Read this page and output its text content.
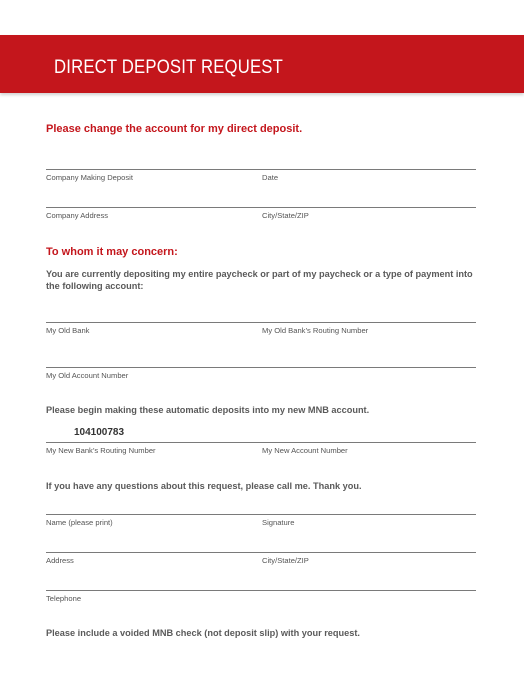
DIRECT DEPOSIT REQUEST
Please change the account for my direct deposit.
Company Making Deposit	Date
Company Address	City/State/ZIP
To whom it may concern:
You are currently depositing my entire paycheck or part of my paycheck or a type of payment into the following account:
My Old Bank	My Old Bank’s Routing Number
My Old Account Number
Please begin making these automatic deposits into my new MNB account.
104100783
My New Bank’s Routing Number	My New Account Number
If you have any questions about this request, please call me. Thank you.
Name (please print)	Signature
Address	City/State/ZIP
Telephone
Please include a voided MNB check (not deposit slip) with your request.
